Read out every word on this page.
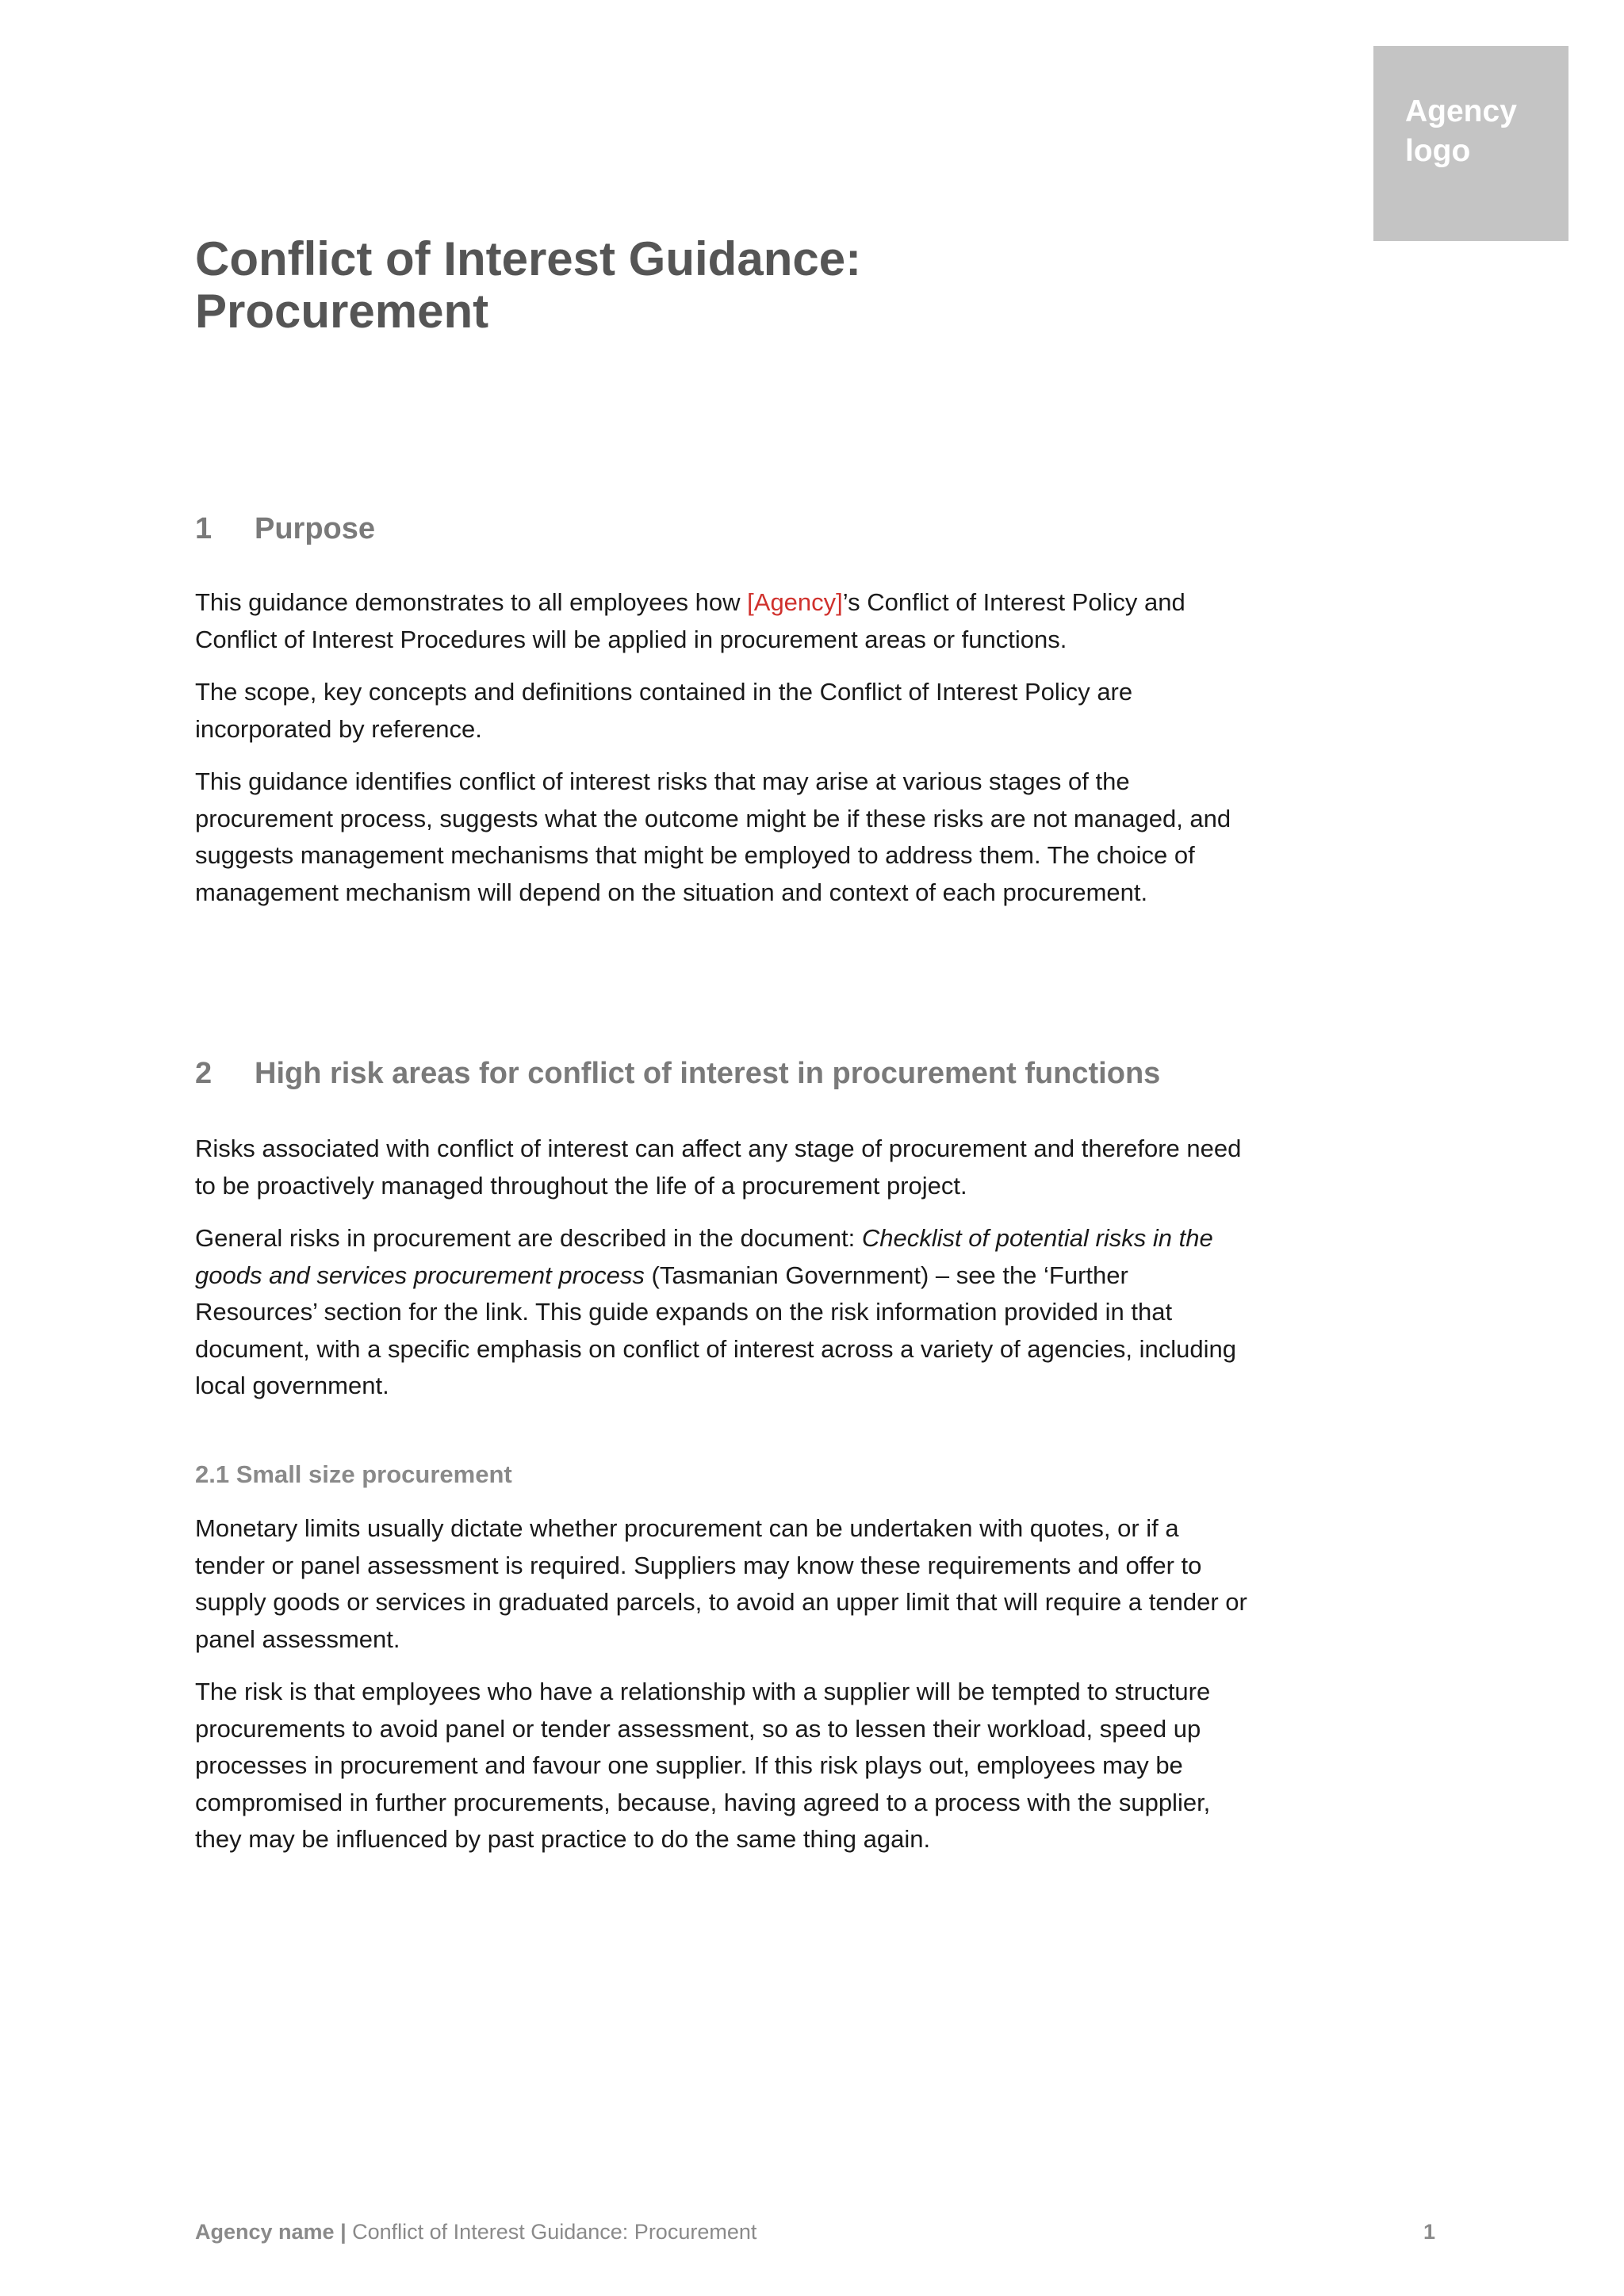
Agency
logo
Conflict of Interest Guidance:
Procurement
1 Purpose

This guidance demonstrates to all employees how [Agency]’s Conflict of Interest Policy and Conflict of Interest Procedures will be applied in procurement areas or functions.

The scope, key concepts and definitions contained in the Conflict of Interest Policy are incorporated by reference.

This guidance identifies conflict of interest risks that may arise at various stages of the procurement process, suggests what the outcome might be if these risks are not managed, and suggests management mechanisms that might be employed to address them. The choice of management mechanism will depend on the situation and context of each procurement.

2 High risk areas for conflict of interest in procurement functions

Risks associated with conflict of interest can affect any stage of procurement and therefore need to be proactively managed throughout the life of a procurement project.

General risks in procurement are described in the document: Checklist of potential risks in the goods and services procurement process (Tasmanian Government) – see the ‘Further Resources’ section for the link. This guide expands on the risk information provided in that document, with a specific emphasis on conflict of interest across a variety of agencies, including local government.

2.1 Small size procurement

Monetary limits usually dictate whether procurement can be undertaken with quotes, or if a tender or panel assessment is required. Suppliers may know these requirements and offer to supply goods or services in graduated parcels, to avoid an upper limit that will require a tender or panel assessment.

The risk is that employees who have a relationship with a supplier will be tempted to structure procurements to avoid panel or tender assessment, so as to lessen their workload, speed up processes in procurement and favour one supplier. If this risk plays out, employees may be compromised in further procurements, because, having agreed to a process with the supplier, they may be influenced by past practice to do the same thing again.

Agency name | Conflict of Interest Guidance: Procurement	1
